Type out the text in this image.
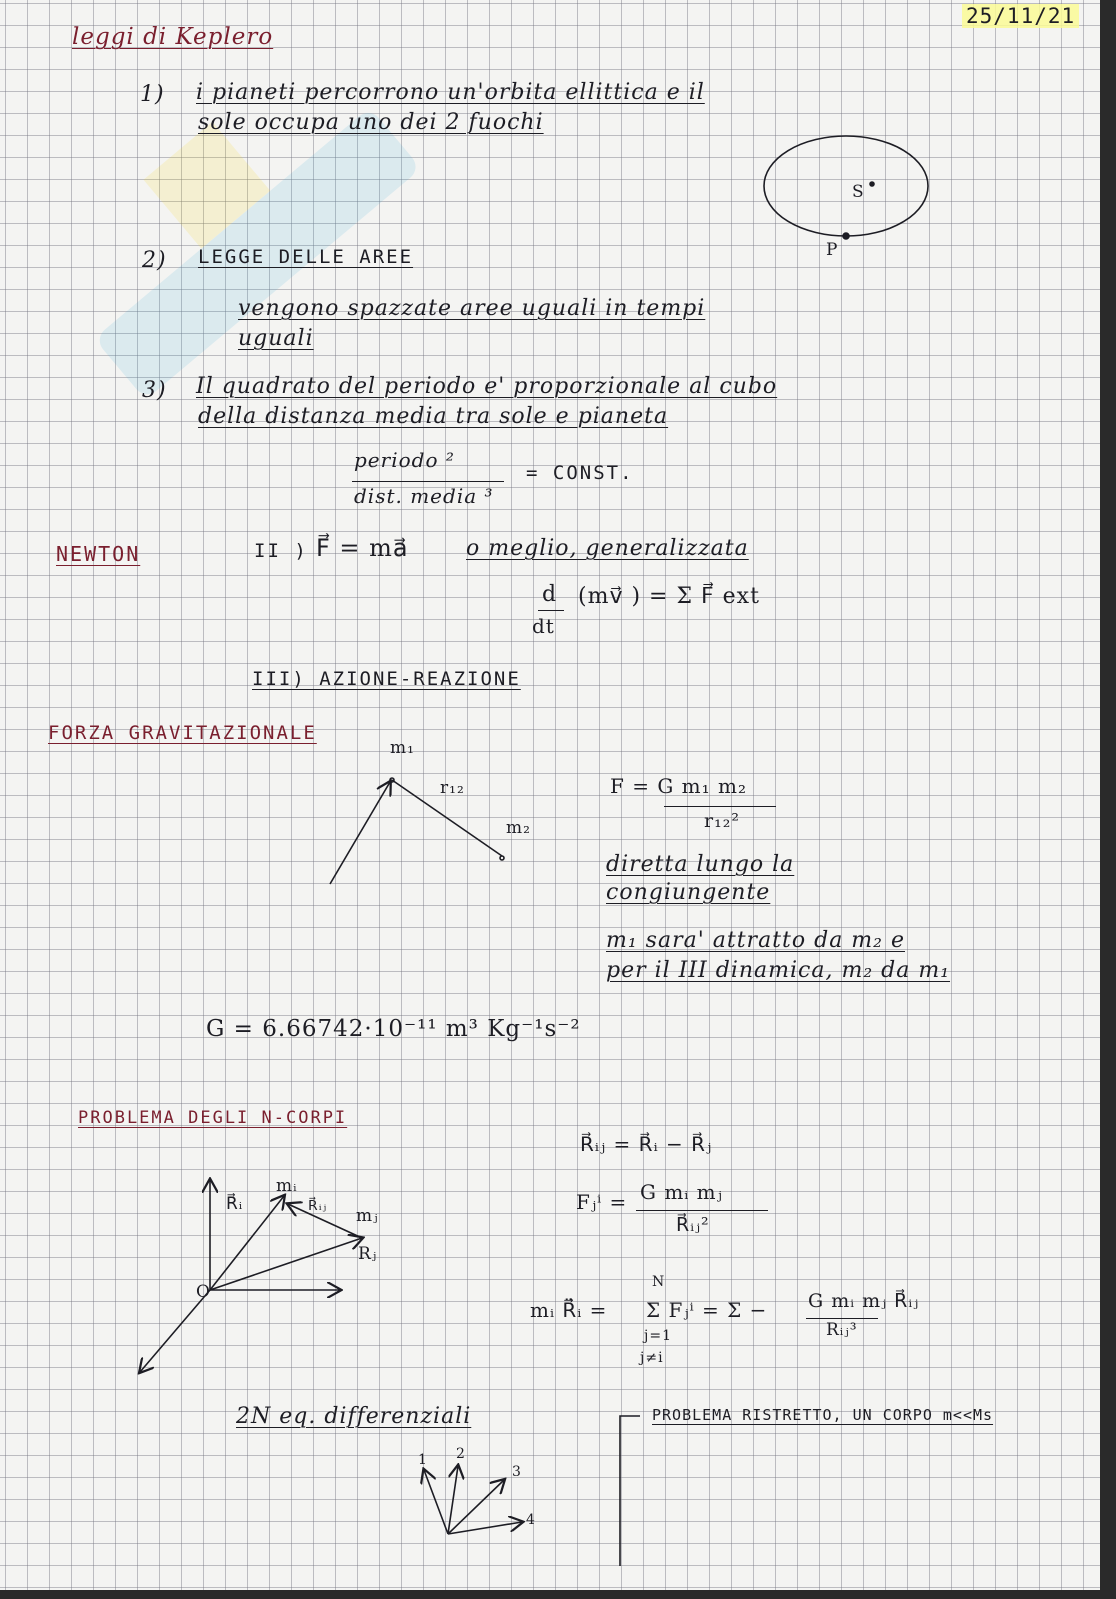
25/11/21
leggi di Keplero
1) i pianeti percorrono un'orbita ellittica e il
sole occupa uno dei 2 fuochi
S
P
2) LEGGE DELLE AREE
vengono spazzate aree uguali in tempi
uguali
3) Il quadrato del periodo e' proporzionale al cubo
della distanza media tra sole e pianeta
periodo ²
dist. media ³
= CONST.
NEWTON	II ) F⃗ = ma⃗	o meglio, generalizzata
d
dt
(mv⃗ ) = Σ F⃗ ext
III) AZIONE-REAZIONE
FORZA GRAVITAZIONALE
m₁
r₁₂
m₂
F = G m₁ m₂
r₁₂²
diretta lungo la
congiungente
m₁ sara' attratto da m₂ e
per il III dinamica, m₂ da m₁
G = 6.66742·10⁻¹¹ m³ Kg⁻¹s⁻²
PROBLEMA DEGLI N-CORPI
O
R⃗ᵢ
mᵢ
R⃗ᵢⱼ mⱼ
Rⱼ
R⃗ᵢⱼ = R⃗ᵢ − R⃗ⱼ
Fⱼⁱ = G mᵢ mⱼ
R⃗ᵢⱼ²
mᵢ R⃗̈ᵢ =
N
Σ Fⱼⁱ = Σ −
j=1
j≠i
G mᵢ mⱼ R⃗ᵢⱼ
Rᵢⱼ³
2N eq. differenziali
1 2
3
4
PROBLEMA RISTRETTO, UN CORPO m<<Ms
